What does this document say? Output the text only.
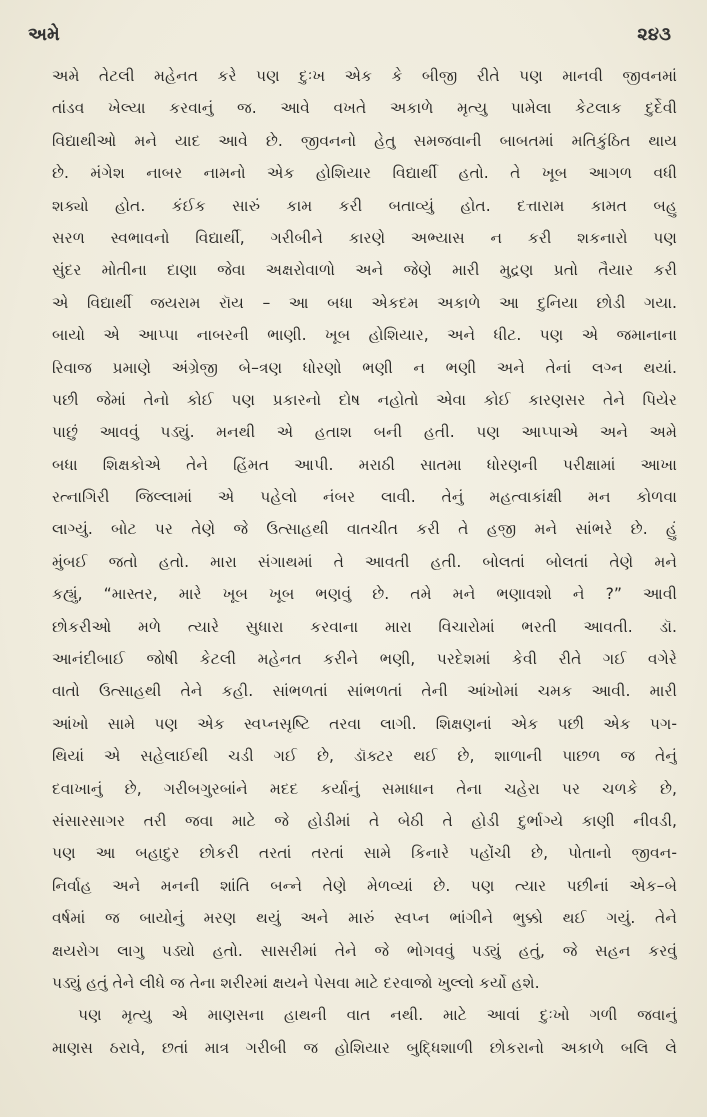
અમે	૨૪૩
અમે તેટલી મહેનત કરે પણ દુઃખ એક કે બીજી રીતે પણ માનવી જીવનમાં
તાંડવ ખેલ્યા કરવાનું જ. આવે વખતે અકાળે મૃત્યુ પામેલા કેટલાક દુર્દેવી
વિદ્યાથીઓ મને યાદ આવે છે. જીવનનો હેતુ સમજવાની બાબતમાં મતિકુંઠિત થાય
છે. મંગેશ નાબર નામનો એક હોશિયાર વિદ્યાર્થી હતો. તે ખૂબ આગળ વધી
શક્યો હોત. કંઈક સારું કામ કરી બતાવ્યું હોત. દત્તારામ કામત બહુ
સરળ સ્વભાવનો વિદ્યાર્થી, ગરીબીને કારણે અભ્યાસ ન કરી શકનારો પણ
સુંદર મોતીના દાણા જેવા અક્ષરોવાળો અને જેણે મારી મુદ્રણ પ્રતો તૈયાર કરી
એ વિદ્યાર્થી જયરામ રૉય – આ બધા એકદમ અકાળે આ દુનિયા છોડી ગયા.
બાયો એ આપ્પા નાબરની ભાણી. ખૂબ હોશિયાર, અને ધીટ. પણ એ જમાનાના
રિવાજ પ્રમાણે અંગ્રેજી બે–ત્રણ ધોરણો ભણી ન ભણી અને તેનાં લગ્ન થયાં.
પછી જેમાં તેનો કોઈ પણ પ્રકારનો દોષ નહોતો એવા કોઈ કારણસર તેને પિયેર
પાછું આવવું પડ્યું. મનથી એ હતાશ બની હતી. પણ આપ્પાએ અને અમે
બધા શિક્ષકોએ તેને હિંમત આપી. મરાઠી સાતમા ધોરણની પરીક્ષામાં આખા
રત્નાગિરી જિલ્લામાં એ પહેલો નંબર લાવી. તેનું મહત્વાકાંક્ષી મન કોળવા
લાગ્યું. બોટ પર તેણે જે ઉત્સાહથી વાતચીત કરી તે હજી મને સાંભરે છે. હું
મુંબઈ જતો હતો. મારા સંગાથમાં તે આવતી હતી. બોલતાં બોલતાં તેણે મને
કહ્યું, “માસ્તર, મારે ખૂબ ખૂબ ભણવું છે. તમે મને ભણાવશો ને ?” આવી
છોકરીઓ મળે ત્યારે સુધારા કરવાના મારા વિચારોમાં ભરતી આવતી. ડૉ.
આનંદીબાઈ જોષી કેટલી મહેનત કરીને ભણી, પરદેશમાં કેવી રીતે ગઈ વગેરે
વાતો ઉત્સાહથી તેને કહી. સાંભળતાં સાંભળતાં તેની આંખોમાં ચમક આવી. મારી
આંખો સામે પણ એક સ્વપ્નસૃષ્ટિ તરવા લાગી. શિક્ષણનાં એક પછી એક પગ-
થિયાં એ સહેલાઈથી ચડી ગઈ છે, ડૉક્ટર થઈ છે, શાળાની પાછળ જ તેનું
દવાખાનું છે, ગરીબગુરબાંને મદદ કર્યાનું સમાધાન તેના ચહેરા પર ચળકે છે,
સંસારસાગર તરી જવા માટે જે હોડીમાં તે બેઠી તે હોડી દુર્ભાગ્યે કાણી નીવડી,
પણ આ બહાદુર છોકરી તરતાં તરતાં સામે કિનારે પહોંચી છે, પોતાનો જીવન-
નિર્વાહ અને મનની શાંતિ બન્ને તેણે મેળવ્યાં છે. પણ ત્યાર પછીનાં એક–બે
વર્ષમાં જ બાયોનું મરણ થયું અને મારું સ્વપ્ન ભાંગીને ભુક્કો થઈ ગયું. તેને
ક્ષયરોગ લાગુ પડ્યો હતો. સાસરીમાં તેને જે ભોગવવું પડ્યું હતું, જે સહન કરવું
પડ્યું હતું તેને લીધે જ તેના શરીરમાં ક્ષયને પેસવા માટે દરવાજો ખુલ્લો કર્યો હશે.
પણ મૃત્યુ એ માણસના હાથની વાત નથી. માટે આવાં દુઃખો ગળી જવાનું
માણસ ઠરાવે, છતાં માત્ર ગરીબી જ હોશિયાર બુદ્ધિશાળી છોકરાનો અકાળે બલિ લે
